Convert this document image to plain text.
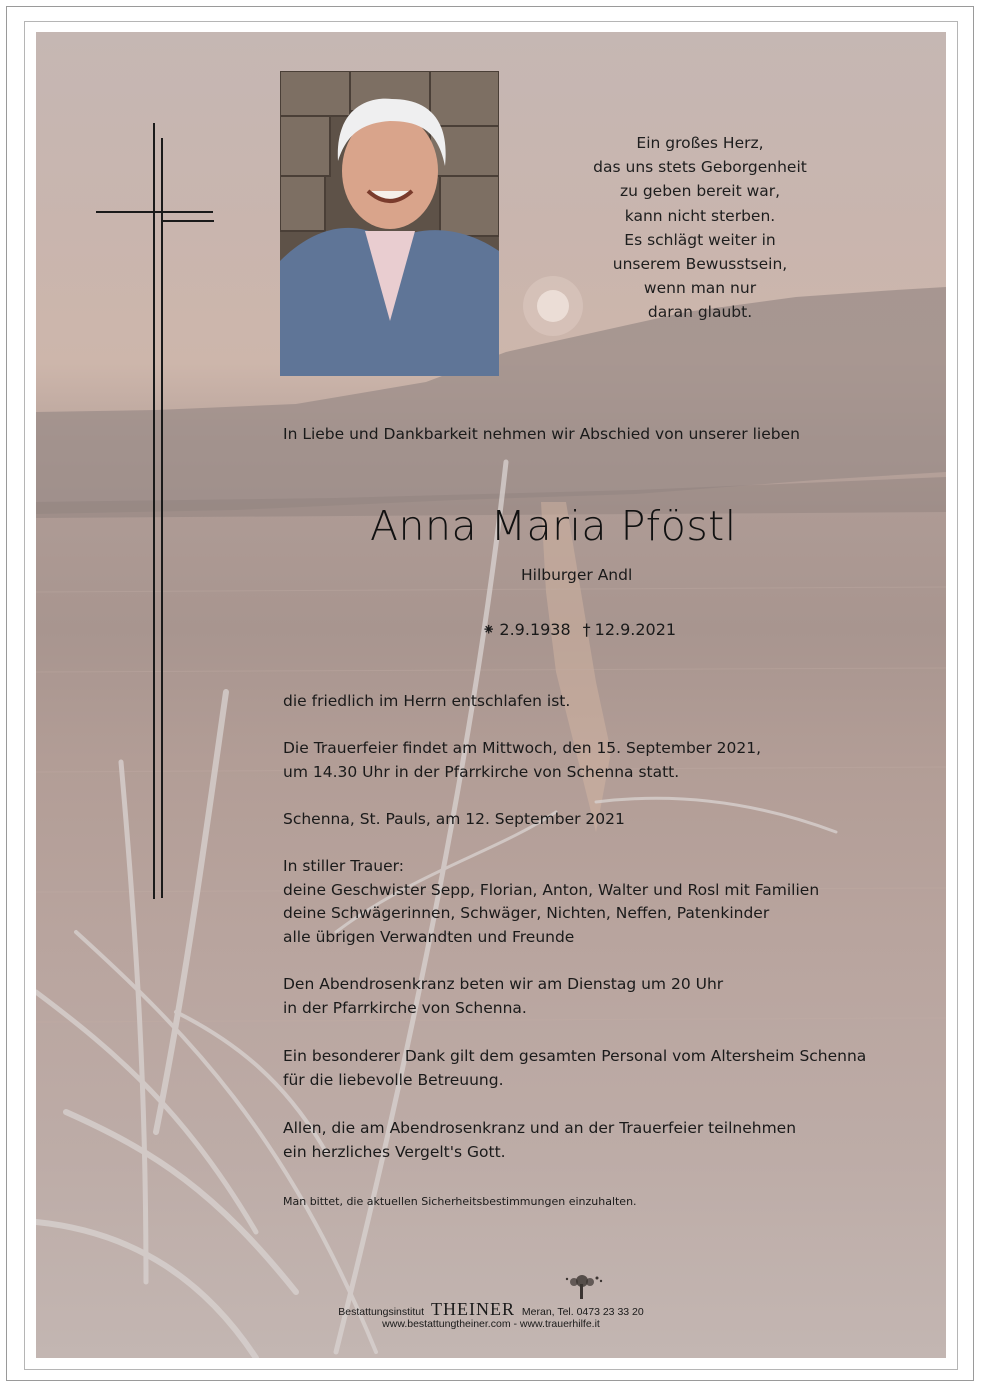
Ein großes Herz,
das uns stets Geborgenheit
zu geben bereit war,
kann nicht sterben.
Es schlägt weiter in
unserem Bewusstsein,
wenn man nur
daran glaubt.
In Liebe und Dankbarkeit nehmen wir Abschied von unserer lieben
Anna Maria Pföstl
Hilburger Andl
⁕ 2.9.1938 † 12.9.2021
die friedlich im Herrn entschlafen ist.
Die Trauerfeier findet am Mittwoch, den 15. September 2021,
um 14.30 Uhr in der Pfarrkirche von Schenna statt.
Schenna, St. Pauls, am 12. September 2021
In stiller Trauer:
deine Geschwister Sepp, Florian, Anton, Walter und Rosl mit Familien
deine Schwägerinnen, Schwäger, Nichten, Neffen, Patenkinder
alle übrigen Verwandten und Freunde
Den Abendrosenkranz beten wir am Dienstag um 20 Uhr
in der Pfarrkirche von Schenna.
Ein besonderer Dank gilt dem gesamten Personal vom Altersheim Schenna
für die liebevolle Betreuung.
Allen, die am Abendrosenkranz und an der Trauerfeier teilnehmen
ein herzliches Vergelt's Gott.
Man bittet, die aktuellen Sicherheitsbestimmungen einzuhalten.
Bestattungsinstitut THEINER Meran, Tel. 0473 23 33 20
www.bestattungtheiner.com - www.trauerhilfe.it
